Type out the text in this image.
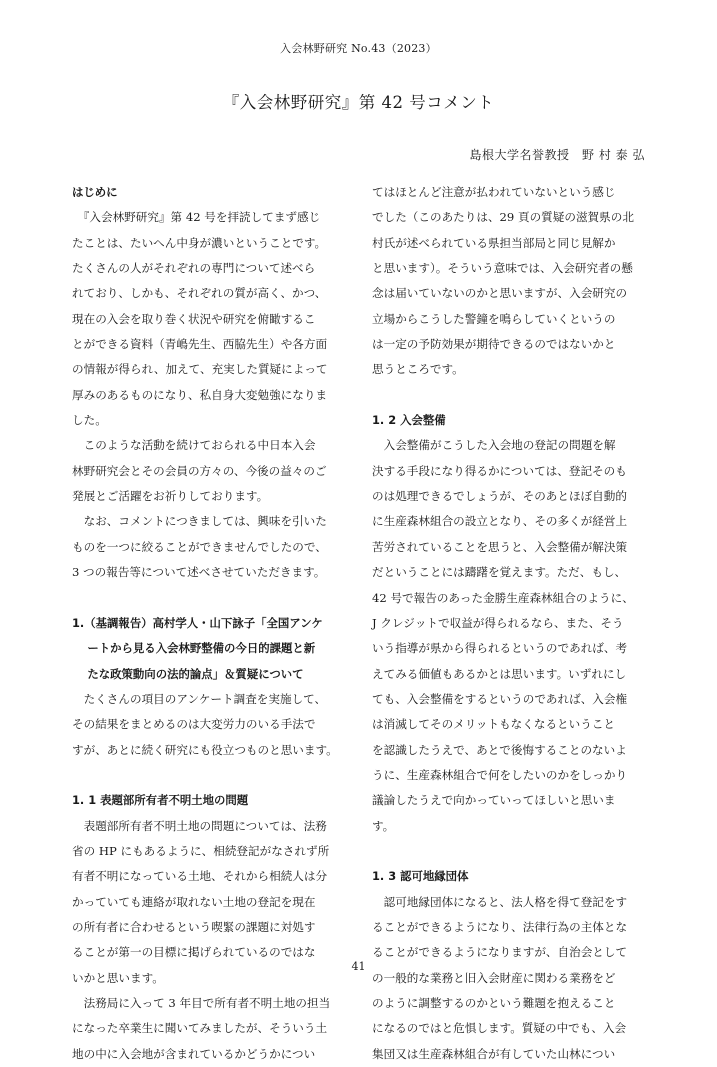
入会林野研究 No.43（2023）
『入会林野研究』第 42 号コメント
島根大学名誉教授　野 村 泰 弘

はじめに

　『入会林野研究』第 42 号を拝読してまず感じ

たことは、たいへん中身が濃いということです。

たくさんの人がそれぞれの専門について述べら

れており、しかも、それぞれの質が高く、かつ、

現在の入会を取り巻く状況や研究を俯瞰するこ

とができる資料（青嶋先生、西脇先生）や各方面

の情報が得られ、加えて、充実した質疑によって

厚みのあるものになり、私自身大変勉強になりま

した。

　このような活動を続けておられる中日本入会

林野研究会とその会員の方々の、今後の益々のご

発展とご活躍をお祈りしております。

　なお、コメントにつきましては、興味を引いた

ものを一つに絞ることができませんでしたので、

3 つの報告等について述べさせていただきます。

1.（基調報告）高村学人・山下詠子「全国アンケ

　 ートから見る入会林野整備の今日的課題と新

　 たな政策動向の法的論点」＆質疑について

　たくさんの項目のアンケート調査を実施して、

その結果をまとめるのは大変労力のいる手法で

すが、あとに続く研究にも役立つものと思います。

1. 1 表題部所有者不明土地の問題

　表題部所有者不明土地の問題については、法務

省の HP にもあるように、相続登記がなされず所

有者不明になっている土地、それから相続人は分

かっていても連絡が取れない土地の登記を現在

の所有者に合わせるという喫緊の課題に対処す

ることが第一の目標に掲げられているのではな

いかと思います。

　法務局に入って 3 年目で所有者不明土地の担当

になった卒業生に聞いてみましたが、そういう土

地の中に入会地が含まれているかどうかについ

てはほとんど注意が払われていないという感じ

でした（このあたりは、29 頁の質疑の滋賀県の北

村氏が述べられている県担当部局と同じ見解か

と思います）。そういう意味では、入会研究者の懸

念は届いていないのかと思いますが、入会研究の

立場からこうした警鐘を鳴らしていくというの

は一定の予防効果が期待できるのではないかと

思うところです。

1. 2 入会整備

　入会整備がこうした入会地の登記の問題を解

決する手段になり得るかについては、登記そのも

のは処理できるでしょうが、そのあとほぼ自動的

に生産森林組合の設立となり、その多くが経営上

苦労されていることを思うと、入会整備が解決策

だということには躊躇を覚えます。ただ、もし、

42 号で報告のあった金勝生産森林組合のように、

J クレジットで収益が得られるなら、また、そう

いう指導が県から得られるというのであれば、考

えてみる価値もあるかとは思います。いずれにし

ても、入会整備をするというのであれば、入会権

は消滅してそのメリットもなくなるということ

を認識したうえで、あとで後悔することのないよ

うに、生産森林組合で何をしたいのかをしっかり

議論したうえで向かっていってほしいと思いま

す。

1. 3 認可地縁団体

　認可地縁団体になると、法人格を得て登記をす

ることができるようになり、法律行為の主体とな

ることができるようになりますが、自治会として

の一般的な業務と旧入会財産に関わる業務をど

のように調整するのかという難題を抱えること

になるのではと危惧します。質疑の中でも、入会

集団又は生産森林組合が有していた山林につい

41
